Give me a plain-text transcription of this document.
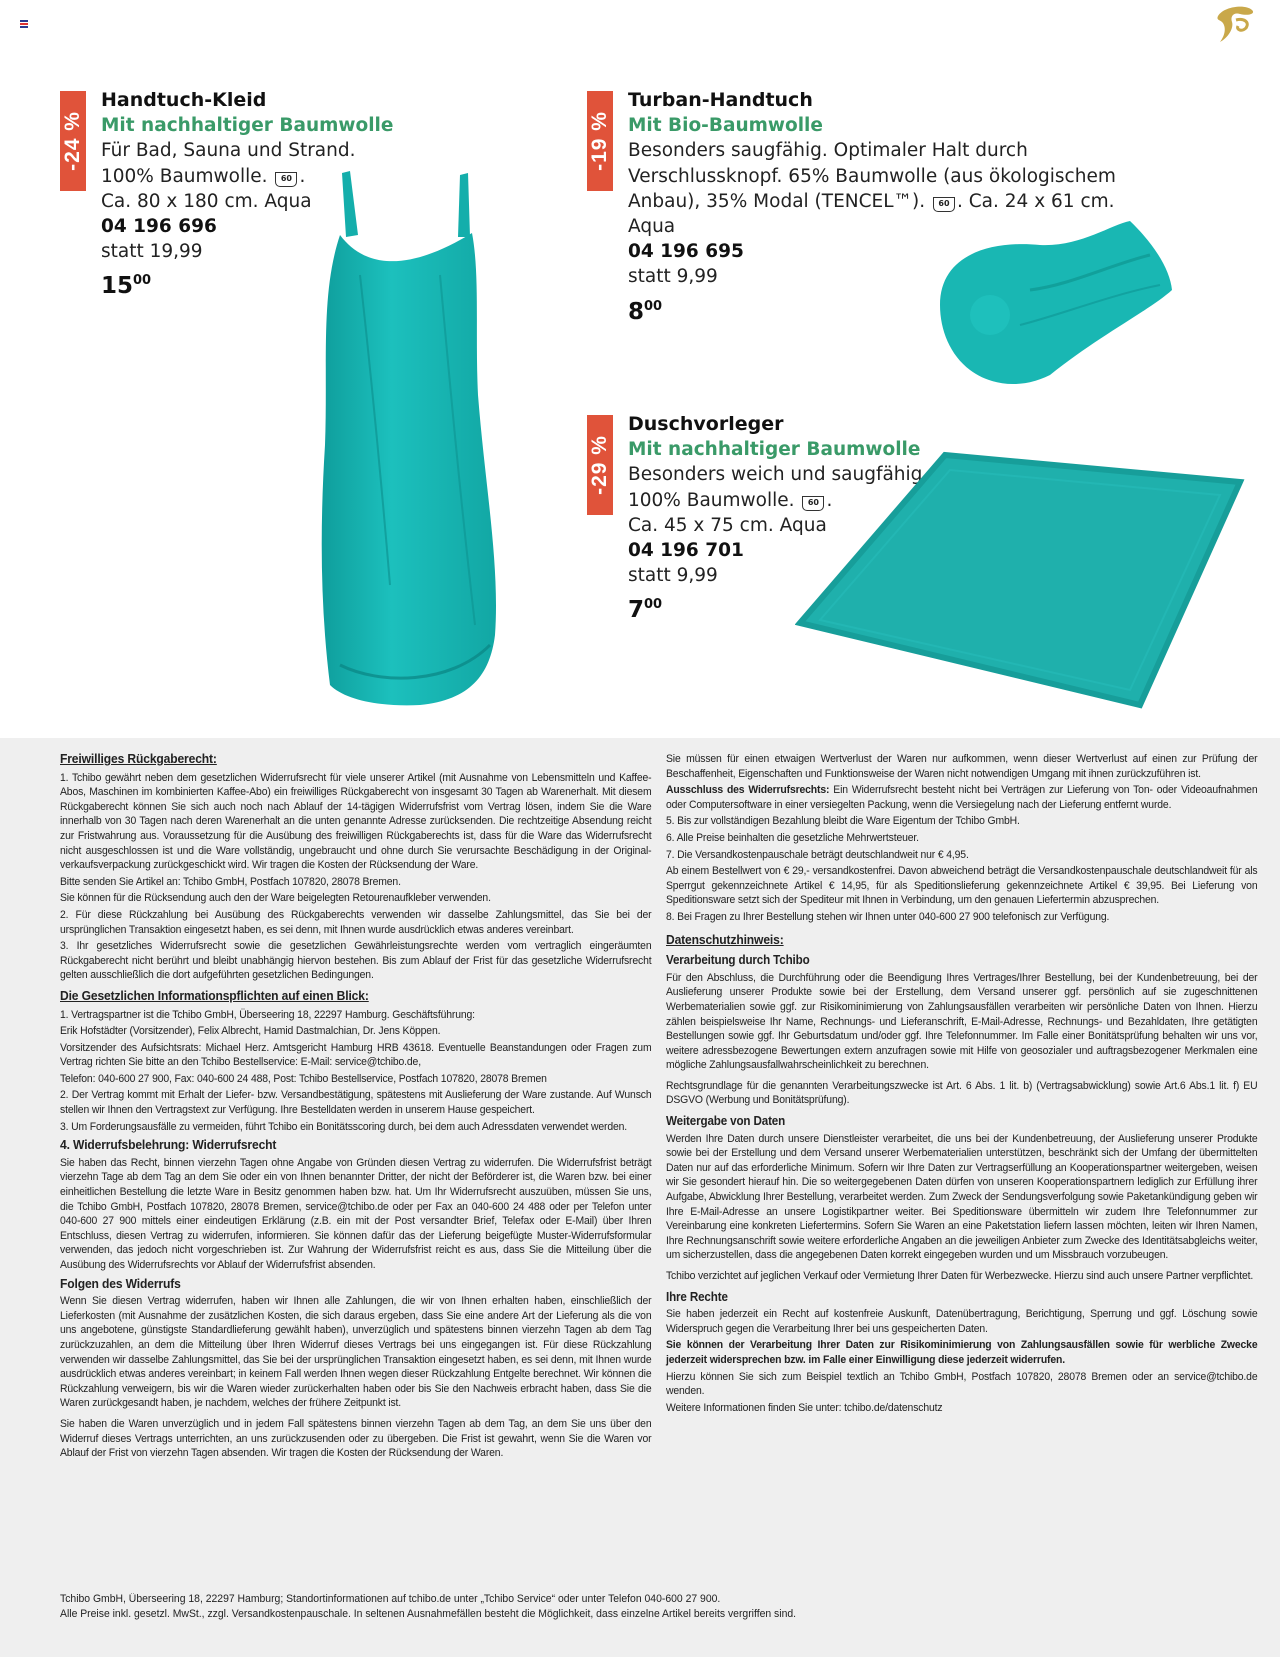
-24 %
Handtuch-Kleid
Mit nachhaltiger Baumwolle
Für Bad, Sauna und Strand.
100% Baumwolle. 60 .
Ca. 80 x 180 cm. Aqua
04 196 696
statt 19,99
$15^{00}$
-19 %
Turban-Handtuch
Mit Bio-Baumwolle
Besonders saugfähig. Optimaler Halt durch
Verschlussknopf. 65% Baumwolle (aus ökologischem
Anbau), 35% Modal (TENCEL™). 60 . Ca. 24 x 61 cm.
Aqua
04 196 695
statt 9,99
$8^{00}$
-29 %
Duschvorleger
Mit nachhaltiger Baumwolle
Besonders weich und saugfähig.
100% Baumwolle. 60 .
Ca. 45 x 75 cm. Aqua
04 196 701
statt 9,99
$7^{00}$
Freiwilliges Rückgaberecht:

1. Tchibo gewährt neben dem gesetzlichen Widerrufsrecht für viele unserer Artikel (mit Ausnahme von Lebensmitteln und Kaffee-Abos, Maschinen im kombinierten Kaffee-Abo) ein freiwilliges Rückgaberecht von insgesamt 30 Tagen ab Warenerhalt. Mit diesem Rückgaberecht können Sie sich auch noch nach Ablauf der 14-tägigen Widerrufsfrist vom Vertrag lösen, indem Sie die Ware innerhalb von 30 Tagen nach deren Warenerhalt an die unten genannte Adresse zurücksenden. Die rechtzeitige Absendung reicht zur Fristwahrung aus. Voraussetzung für die Ausübung des freiwilligen Rückgaberechts ist, dass für die Ware das Widerrufsrecht nicht ausgeschlossen ist und die Ware vollständig, ungebraucht und ohne durch Sie verursachte Beschädigung in der Original-verkaufsverpackung zurückgeschickt wird. Wir tragen die Kosten der Rücksendung der Ware.

Bitte senden Sie Artikel an: Tchibo GmbH, Postfach 107820, 28078 Bremen.

Sie können für die Rücksendung auch den der Ware beigelegten Retourenaufkleber verwenden.

2. Für diese Rückzahlung bei Ausübung des Rückgaberechts verwenden wir dasselbe Zahlungsmittel, das Sie bei der ursprünglichen Transaktion eingesetzt haben, es sei denn, mit Ihnen wurde ausdrücklich etwas anderes vereinbart.

3. Ihr gesetzliches Widerrufsrecht sowie die gesetzlichen Gewährleistungsrechte werden vom vertraglich eingeräumten Rückgaberecht nicht berührt und bleibt unabhängig hiervon bestehen. Bis zum Ablauf der Frist für das gesetzliche Widerrufsrecht gelten ausschließlich die dort aufgeführten gesetzlichen Bedingungen.

Die Gesetzlichen Informationspflichten auf einen Blick:

1. Vertragspartner ist die Tchibo GmbH, Überseering 18, 22297 Hamburg. Geschäftsführung:

Erik Hofstädter (Vorsitzender), Felix Albrecht, Hamid Dastmalchian, Dr. Jens Köppen.

Vorsitzender des Aufsichtsrats: Michael Herz. Amtsgericht Hamburg HRB 43618. Eventuelle Beanstandungen oder Fragen zum Vertrag richten Sie bitte an den Tchibo Bestellservice: E-Mail: service@tchibo.de,

Telefon: 040-600 27 900, Fax: 040-600 24 488, Post: Tchibo Bestellservice, Postfach 107820, 28078 Bremen

2. Der Vertrag kommt mit Erhalt der Liefer- bzw. Versandbestätigung, spätestens mit Auslieferung der Ware zustande. Auf Wunsch stellen wir Ihnen den Vertragstext zur Verfügung. Ihre Bestelldaten werden in unserem Hause gespeichert.

3. Um Forderungsausfälle zu vermeiden, führt Tchibo ein Bonitätsscoring durch, bei dem auch Adressdaten verwendet werden.

4. Widerrufsbelehrung: Widerrufsrecht

Sie haben das Recht, binnen vierzehn Tagen ohne Angabe von Gründen diesen Vertrag zu widerrufen. Die Widerrufsfrist beträgt vierzehn Tage ab dem Tag an dem Sie oder ein von Ihnen benannter Dritter, der nicht der Beförderer ist, die Waren bzw. bei einer einheitlichen Bestellung die letzte Ware in Besitz genommen haben bzw. hat. Um Ihr Widerrufsrecht auszuüben, müssen Sie uns, die Tchibo GmbH, Postfach 107820, 28078 Bremen, service@tchibo.de oder per Fax an 040-600 24 488 oder per Telefon unter 040-600 27 900 mittels einer eindeutigen Erklärung (z.B. ein mit der Post versandter Brief, Telefax oder E-Mail) über Ihren Entschluss, diesen Vertrag zu widerrufen, informieren. Sie können dafür das der Lieferung beigefügte Muster-Widerrufsformular verwenden, das jedoch nicht vorgeschrieben ist. Zur Wahrung der Widerrufsfrist reicht es aus, dass Sie die Mitteilung über die Ausübung des Widerrufsrechts vor Ablauf der Widerrufsfrist absenden.

Folgen des Widerrufs

Wenn Sie diesen Vertrag widerrufen, haben wir Ihnen alle Zahlungen, die wir von Ihnen erhalten haben, einschließlich der Lieferkosten (mit Ausnahme der zusätzlichen Kosten, die sich daraus ergeben, dass Sie eine andere Art der Lieferung als die von uns angebotene, günstigste Standardlieferung gewählt haben), unverzüglich und spätestens binnen vierzehn Tagen ab dem Tag zurückzuzahlen, an dem die Mitteilung über Ihren Widerruf dieses Vertrags bei uns eingegangen ist. Für diese Rückzahlung verwenden wir dasselbe Zahlungsmittel, das Sie bei der ursprünglichen Transaktion eingesetzt haben, es sei denn, mit Ihnen wurde ausdrücklich etwas anderes vereinbart; in keinem Fall werden Ihnen wegen dieser Rückzahlung Entgelte berechnet. Wir können die Rückzahlung verweigern, bis wir die Waren wieder zurückerhalten haben oder bis Sie den Nachweis erbracht haben, dass Sie die Waren zurückgesandt haben, je nachdem, welches der frühere Zeitpunkt ist.

Sie haben die Waren unverzüglich und in jedem Fall spätestens binnen vierzehn Tagen ab dem Tag, an dem Sie uns über den Widerruf dieses Vertrags unterrichten, an uns zurückzusenden oder zu übergeben. Die Frist ist gewahrt, wenn Sie die Waren vor Ablauf der Frist von vierzehn Tagen absenden. Wir tragen die Kosten der Rücksendung der Waren.

Sie müssen für einen etwaigen Wertverlust der Waren nur aufkommen, wenn dieser Wertverlust auf einen zur Prüfung der Beschaffenheit, Eigenschaften und Funktionsweise der Waren nicht notwendigen Umgang mit ihnen zurückzuführen ist.

Ausschluss des Widerrufsrechts: Ein Widerrufsrecht besteht nicht bei Verträgen zur Lieferung von Ton- oder Videoaufnahmen oder Computersoftware in einer versiegelten Packung, wenn die Versiegelung nach der Lieferung entfernt wurde.

5. Bis zur vollständigen Bezahlung bleibt die Ware Eigentum der Tchibo GmbH.

6. Alle Preise beinhalten die gesetzliche Mehrwertsteuer.

7. Die Versandkostenpauschale beträgt deutschlandweit nur € 4,95.

Ab einem Bestellwert von € 29,- versandkostenfrei. Davon abweichend beträgt die Versandkostenpauschale deutschlandweit für als Sperrgut gekennzeichnete Artikel € 14,95, für als Speditionslieferung gekennzeichnete Artikel € 39,95. Bei Lieferung von Speditionsware setzt sich der Spediteur mit Ihnen in Verbindung, um den genauen Liefertermin abzusprechen.

8. Bei Fragen zu Ihrer Bestellung stehen wir Ihnen unter 040-600 27 900 telefonisch zur Verfügung.

Datenschutzhinweis:
Verarbeitung durch Tchibo

Für den Abschluss, die Durchführung oder die Beendigung Ihres Vertrages/Ihrer Bestellung, bei der Kundenbetreuung, bei der Auslieferung unserer Produkte sowie bei der Erstellung, dem Versand unserer ggf. persönlich auf sie zugeschnittenen Werbematerialien sowie ggf. zur Risikominimierung von Zahlungsausfällen verarbeiten wir persönliche Daten von Ihnen. Hierzu zählen beispielsweise Ihr Name, Rechnungs- und Lieferanschrift, E-Mail-Adresse, Rechnungs- und Bezahldaten, Ihre getätigten Bestellungen sowie ggf. Ihr Geburtsdatum und/oder ggf. Ihre Telefonnummer. Im Falle einer Bonitätsprüfung behalten wir uns vor, weitere adressbezogene Bewertungen extern anzufragen sowie mit Hilfe von geosozialer und auftragsbezogener Merkmalen eine mögliche Zahlungsausfallwahrscheinlichkeit zu berechnen.

Rechtsgrundlage für die genannten Verarbeitungszwecke ist Art. 6 Abs. 1 lit. b) (Vertragsabwicklung) sowie Art.6 Abs.1 lit. f) EU DSGVO (Werbung und Bonitätsprüfung).

Weitergabe von Daten

Werden Ihre Daten durch unsere Dienstleister verarbeitet, die uns bei der Kundenbetreuung, der Auslieferung unserer Produkte sowie bei der Erstellung und dem Versand unserer Werbematerialien unterstützen, beschränkt sich der Umfang der übermittelten Daten nur auf das erforderliche Minimum. Sofern wir Ihre Daten zur Vertragserfüllung an Kooperationspartner weitergeben, weisen wir Sie gesondert hierauf hin. Die so weitergegebenen Daten dürfen von unseren Kooperationspartnern lediglich zur Erfüllung ihrer Aufgabe, Abwicklung Ihrer Bestellung, verarbeitet werden. Zum Zweck der Sendungsverfolgung sowie Paketankündigung geben wir Ihre E-Mail-Adresse an unsere Logistikpartner weiter. Bei Speditionsware übermitteln wir zudem Ihre Telefonnummer zur Vereinbarung eine konkreten Liefertermins. Sofern Sie Waren an eine Paketstation liefern lassen möchten, leiten wir Ihren Namen, Ihre Rechnungsanschrift sowie weitere erforderliche Angaben an die jeweiligen Anbieter zum Zwecke des Identitätsabgleichs weiter, um sicherzustellen, dass die angegebenen Daten korrekt eingegeben wurden und um Missbrauch vorzubeugen.

Tchibo verzichtet auf jeglichen Verkauf oder Vermietung Ihrer Daten für Werbezwecke. Hierzu sind auch unsere Partner verpflichtet.

Ihre Rechte

Sie haben jederzeit ein Recht auf kostenfreie Auskunft, Datenübertragung, Berichtigung, Sperrung und ggf. Löschung sowie Widerspruch gegen die Verarbeitung Ihrer bei uns gespeicherten Daten.

Sie können der Verarbeitung Ihrer Daten zur Risikominimierung von Zahlungsausfällen sowie für werbliche Zwecke jederzeit widersprechen bzw. im Falle einer Einwilligung diese jederzeit widerrufen.

Hierzu können Sie sich zum Beispiel textlich an Tchibo GmbH, Postfach 107820, 28078 Bremen oder an service@tchibo.de wenden.

Weitere Informationen finden Sie unter: tchibo.de/datenschutz

Tchibo GmbH, Überseering 18, 22297 Hamburg; Standortinformationen auf tchibo.de unter „Tchibo Service“ oder unter Telefon 040-600 27 900.
Alle Preise inkl. gesetzl. MwSt., zzgl. Versandkostenpauschale. In seltenen Ausnahmefällen besteht die Möglichkeit, dass einzelne Artikel bereits vergriffen sind.
